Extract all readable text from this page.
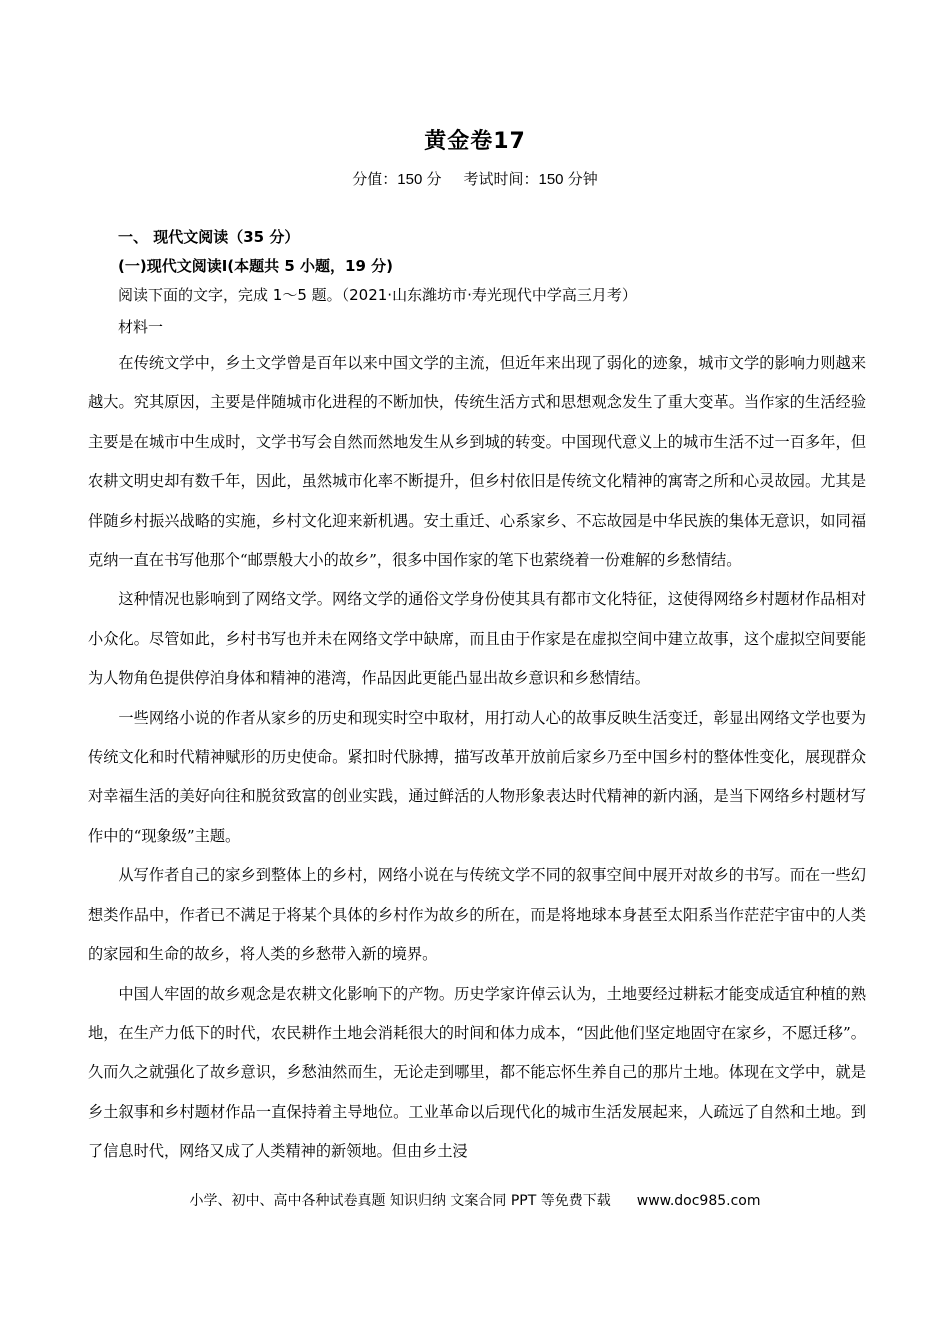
黄金卷17
分值：150 分 考试时间：150 分钟
一、 现代文阅读（35 分）
(一)现代文阅读Ⅰ(本题共 5 小题，19 分)
阅读下面的文字，完成 1～5 题。（2021·山东潍坊市·寿光现代中学高三月考）
材料一

在传统文学中，乡土文学曾是百年以来中国文学的主流，但近年来出现了弱化的迹象，城市文学的影响力则越来越大。究其原因，主要是伴随城市化进程的不断加快，传统生活方式和思想观念发生了重大变革。当作家的生活经验主要是在城市中生成时，文学书写会自然而然地发生从乡到城的转变。中国现代意义上的城市生活不过一百多年，但农耕文明史却有数千年，因此，虽然城市化率不断提升，但乡村依旧是传统文化精神的寓寄之所和心灵故园。尤其是伴随乡村振兴战略的实施，乡村文化迎来新机遇。安土重迁、心系家乡、不忘故园是中华民族的集体无意识，如同福克纳一直在书写他那个“邮票般大小的故乡”，很多中国作家的笔下也萦绕着一份难解的乡愁情结。

这种情况也影响到了网络文学。网络文学的通俗文学身份使其具有都市文化特征，这使得网络乡村题材作品相对小众化。尽管如此，乡村书写也并未在网络文学中缺席，而且由于作家是在虚拟空间中建立故事，这个虚拟空间要能为人物角色提供停泊身体和精神的港湾，作品因此更能凸显出故乡意识和乡愁情结。

一些网络小说的作者从家乡的历史和现实时空中取材，用打动人心的故事反映生活变迁，彰显出网络文学也要为传统文化和时代精神赋形的历史使命。紧扣时代脉搏，描写改革开放前后家乡乃至中国乡村的整体性变化，展现群众对幸福生活的美好向往和脱贫致富的创业实践，通过鲜活的人物形象表达时代精神的新内涵，是当下网络乡村题材写作中的“现象级”主题。

从写作者自己的家乡到整体上的乡村，网络小说在与传统文学不同的叙事空间中展开对故乡的书写。而在一些幻想类作品中，作者已不满足于将某个具体的乡村作为故乡的所在，而是将地球本身甚至太阳系当作茫茫宇宙中的人类的家园和生命的故乡，将人类的乡愁带入新的境界。

中国人牢固的故乡观念是农耕文化影响下的产物。历史学家许倬云认为，土地要经过耕耘才能变成适宜种植的熟地，在生产力低下的时代，农民耕作土地会消耗很大的时间和体力成本，“因此他们坚定地固守在家乡，不愿迁移”。久而久之就强化了故乡意识，乡愁油然而生，无论走到哪里，都不能忘怀生养自己的那片土地。体现在文学中，就是乡土叙事和乡村题材作品一直保持着主导地位。工业革命以后现代化的城市生活发展起来，人疏远了自然和土地。到了信息时代，网络又成了人类精神的新领地。但由乡土浸

小学、初中、高中各种试卷真题 知识归纳 文案合同 PPT 等免费下载 www.doc985.com
